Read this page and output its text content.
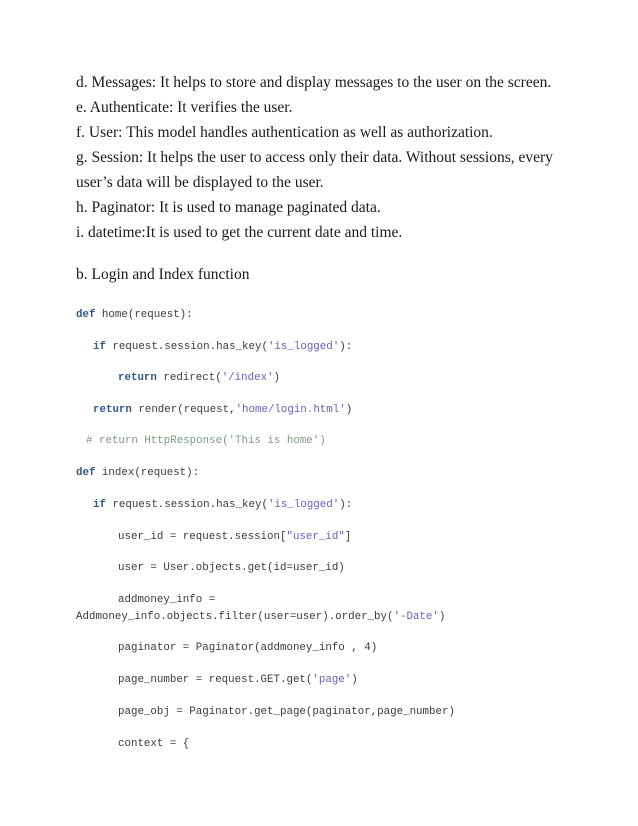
d. Messages: It helps to store and display messages to the user on the screen.

e. Authenticate: It verifies the user.

f. User: This model handles authentication as well as authorization.

g. Session: It helps the user to access only their data. Without sessions, every

user’s data will be displayed to the user.

h. Paginator: It is used to manage paginated data.

i. datetime:It is used to get the current date and time.

b. Login and Index function
def home(request):
if request.session.has_key('is_logged'):
return redirect('/index')
return render(request,'home/login.html')
# return HttpResponse('This is home')
def index(request):
if request.session.has_key('is_logged'):
user_id = request.session["user_id"]
user = User.objects.get(id=user_id)
addmoney_info =
Addmoney_info.objects.filter(user=user).order_by('-Date')
paginator = Paginator(addmoney_info , 4)
page_number = request.GET.get('page')
page_obj = Paginator.get_page(paginator,page_number)
context = {
